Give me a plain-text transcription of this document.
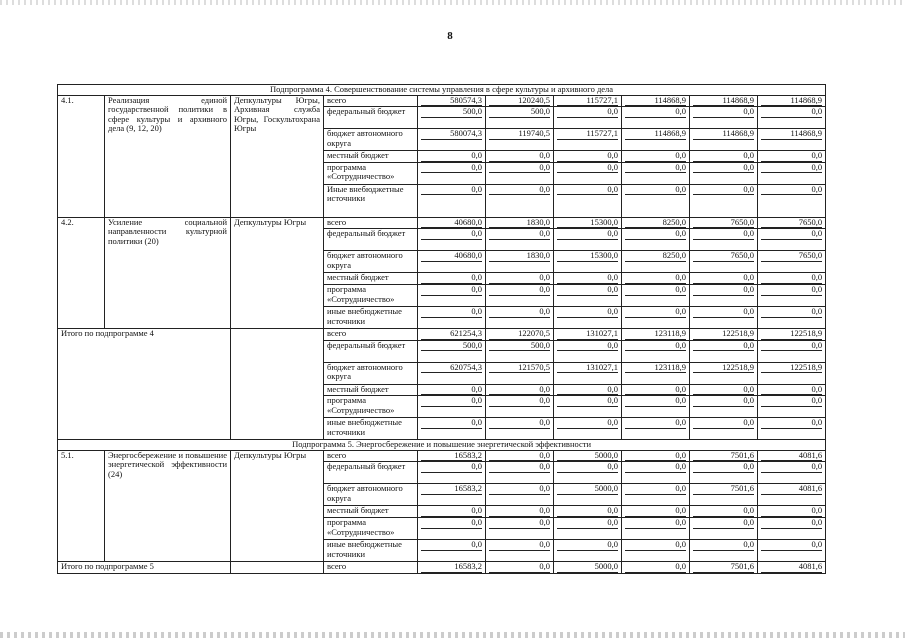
8
Подпрограмма 4. Совершенствование системы управления в сфере культуры и архивного дела									
4.1.	Реализация единой государственной политики в сфере культуры и архивного дела (9, 12, 20)	Депкультуры Югры, Архивная служба Югры, Госкультохрана Югры	всего	580574,3	120240,5	115727,1	114868,9	114868,9	114868,9

			федеральный бюджет	500,0	500,0	0,0	0,0	0,0	0,0

			бюджет автономного округа	580074,3	119740,5	115727,1	114868,9	114868,9	114868,9

			местный бюджет	0,0	0,0	0,0	0,0	0,0	0,0

			программа «Сотрудничество»	0,0	0,0	0,0	0,0	0,0	0,0

			Иные внебюджетные источники	0,0	0,0	0,0	0,0	0,0	0,0

4.2.	Усиление социальной направленности культурной политики (20)	Депкультуры Югры	всего	40680,0	1830,0	15300,0	8250,0	7650,0	7650,0

			федеральный бюджет	0,0	0,0	0,0	0,0	0,0	0,0

			бюджет автономного округа	40680,0	1830,0	15300,0	8250,0	7650,0	7650,0

			местный бюджет	0,0	0,0	0,0	0,0	0,0	0,0

			программа «Сотрудничество»	0,0	0,0	0,0	0,0	0,0	0,0

			иные внебюджетные источники	0,0	0,0	0,0	0,0	0,0	0,0

Итого по подпрограмме 4			всего	621254,3	122070,5	131027,1	123118,9	122518,9	122518,9

			федеральный бюджет	500,0	500,0	0,0	0,0	0,0	0,0

			бюджет автономного округа	620754,3	121570,5	131027,1	123118,9	122518,9	122518,9

			местный бюджет	0,0	0,0	0,0	0,0	0,0	0,0

			программа «Сотрудничество»	0,0	0,0	0,0	0,0	0,0	0,0

			иные внебюджетные источники	0,0	0,0	0,0	0,0	0,0	0,0

Подпрограмма 5. Энергосбережение и повышение энергетической эффективности									
5.1.	Энергосбережение и повышение энергетической эффективности (24)	Депкультуры Югры	всего	16583,2	0,0	5000,0	0,0	7501,6	4081,6

			федеральный бюджет	0,0	0,0	0,0	0,0	0,0	0,0

			бюджет автономного округа	16583,2	0,0	5000,0	0,0	7501,6	4081,6

			местный бюджет	0,0	0,0	0,0	0,0	0,0	0,0

			программа «Сотрудничество»	0,0	0,0	0,0	0,0	0,0	0,0

			иные внебюджетные источники	0,0	0,0	0,0	0,0	0,0	0,0

Итого по подпрограмме 5			всего	16583,2	0,0	5000,0	0,0	7501,6	4081,6
